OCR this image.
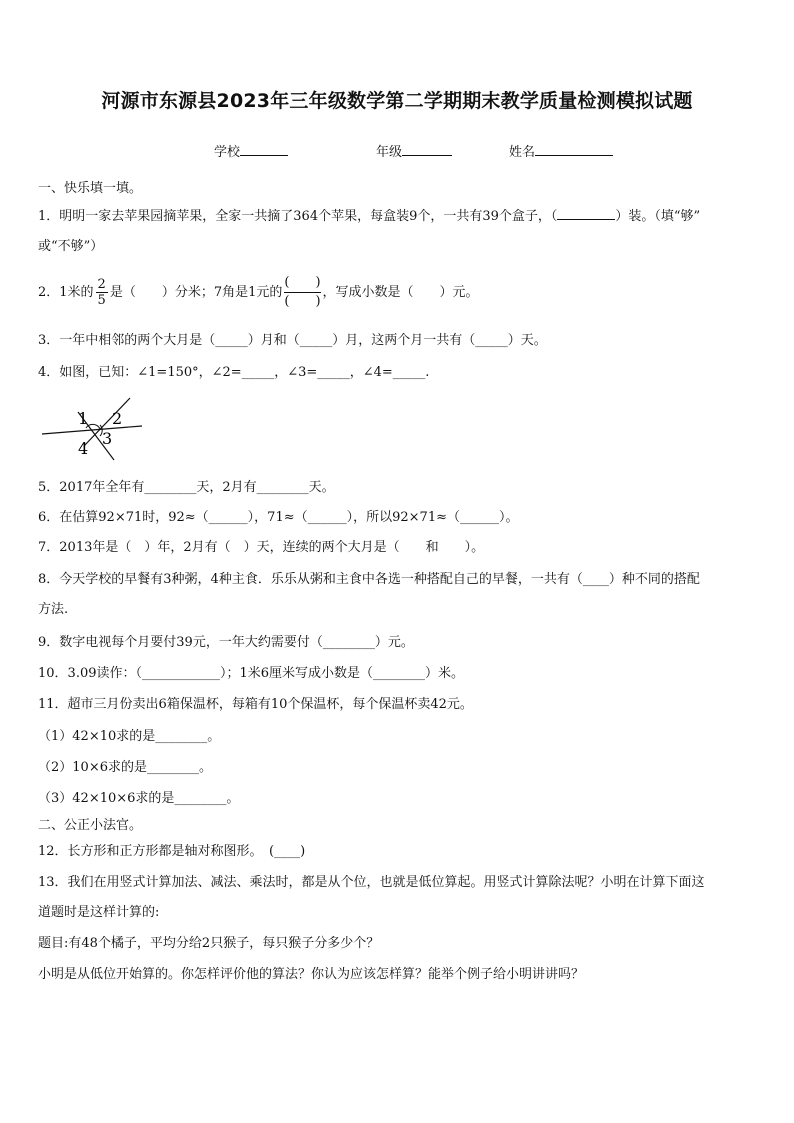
河源市东源县2023年三年级数学第二学期期末教学质量检测模拟试题
学校	年级	姓名
一、快乐填一填。
1．明明一家去苹果园摘苹果，全家一共摘了364个苹果，每盒装9个，一共有39个盒子，（	）装。（填“够”
或“不够”）
2．1米的 $\frac{2}{5}$ 是（　　）分米；7角是1元的
(　　)
(　　)
，写成小数是（　　）元。
3．一年中相邻的两个大月是（_____）月和（_____）月，这两个月一共有（_____）天。
4．如图，已知：∠1=150°，∠2=_____，∠3=_____，∠4=_____.
1 2
3
4
5．2017年全年有________天，2月有________天。
6．在估算92×71时，92≈（______），71≈（______），所以92×71≈（______）。
7．2013年是（　）年，2月有（　）天，连续的两个大月是（　　和　　）。
8．今天学校的早餐有3种粥，4种主食．乐乐从粥和主食中各选一种搭配自己的早餐，一共有（____）种不同的搭配
方法.
9．数字电视每个月要付39元，一年大约需要付（________）元。
10．3.09读作：（____________）；1米6厘米写成小数是（________）米。
11．超市三月份卖出6箱保温杯，每箱有10个保温杯，每个保温杯卖42元。
（1）42×10求的是________。
（2）10×6求的是________。
（3）42×10×6求的是________。
二、公正小法官。
12．长方形和正方形都是轴对称图形。　(____)
13．我们在用竖式计算加法、减法、乘法时，都是从个位，也就是低位算起。用竖式计算除法呢？小明在计算下面这
道题时是这样计算的:
题目:有48个橘子，平均分给2只猴子，每只猴子分多少个？
小明是从低位开始算的。你怎样评价他的算法？你认为应该怎样算？能举个例子给小明讲讲吗？
